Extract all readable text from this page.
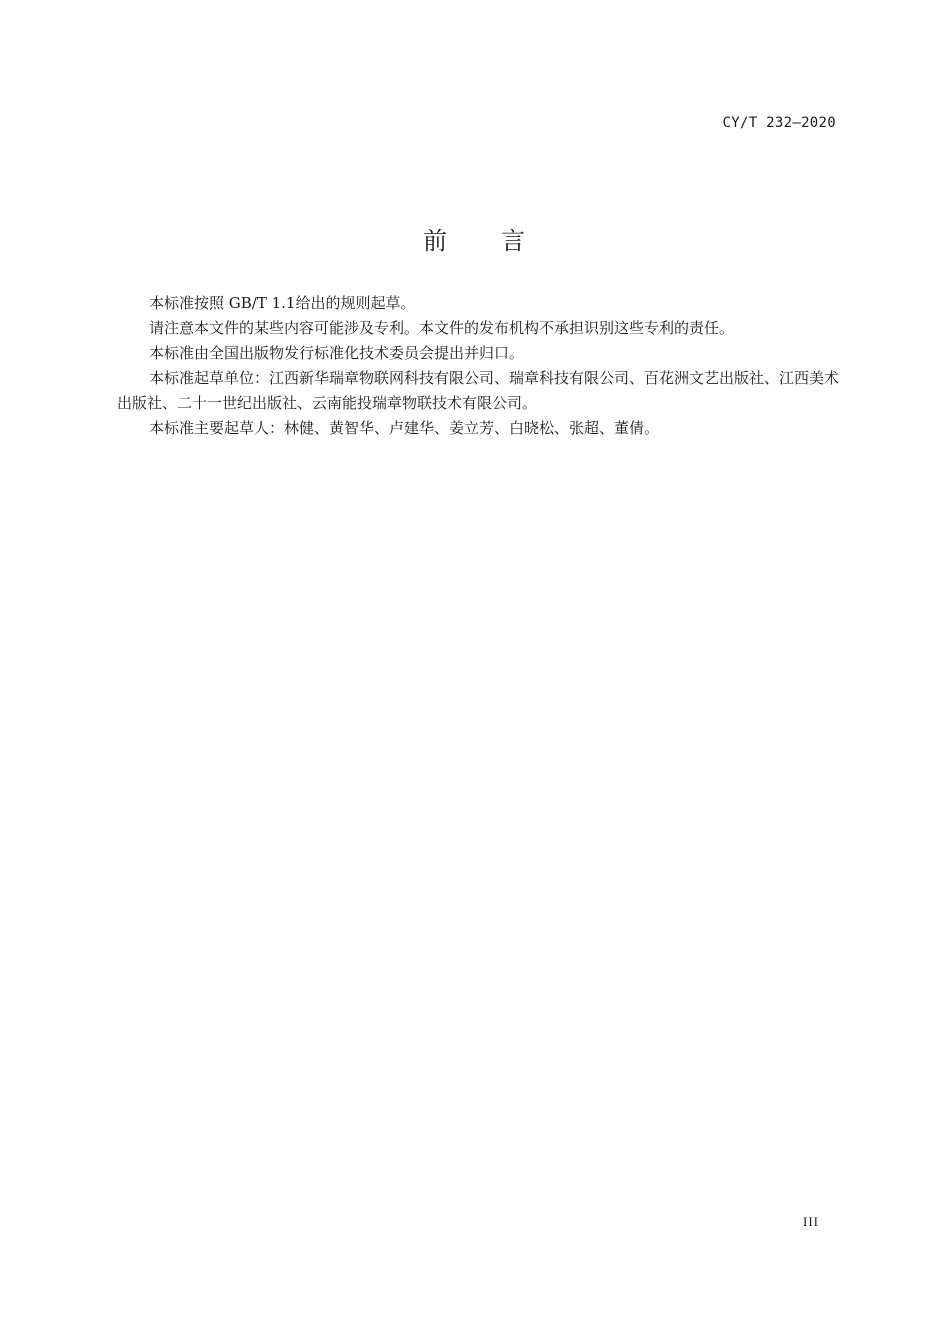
CY/T 232—2020
前 言

本标准按照 GB/T 1.1给出的规则起草。

请注意本文件的某些内容可能涉及专利。本文件的发布机构不承担识别这些专利的责任。

本标准由全国出版物发行标准化技术委员会提出并归口。

本标准起草单位：江西新华瑞章物联网科技有限公司、瑞章科技有限公司、百花洲文艺出版社、江西美术出版社、二十一世纪出版社、云南能投瑞章物联技术有限公司。

本标准主要起草人：林健、黄智华、卢建华、姜立芳、白晓松、张超、董倩。

III
